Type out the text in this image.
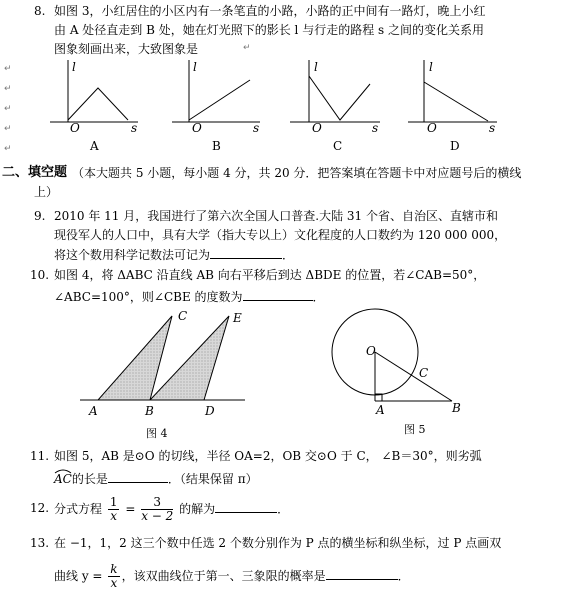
8. 如图 3，小红居住的小区内有一条笔直的小路，小路的正中间有一路灯，晚上小红
由 A 处径直走到 B 处，她在灯光照下的影长 l 与行走的路程 s 之间的变化关系用
图象刻画出来，大致图象是
↵
↵
↵
↵
↵
↵
l
O	s
A
l
O	s
B
l
O	s
C
l
O	s
D
二、填空题 （本大题共 5 小题，每小题 4 分，共 20 分．把答案填在答题卡中对应题号后的横线
上）
9. 2010 年 11 月，我国进行了第六次全国人口普查.大陆 31 个省、自治区、直辖市和
现役军人的人口中，具有大学（指大专以上）文化程度的人口数约为 120 000 000，
将这个数用科学记数法可记为	．
10. 如图 4，将 ΔABC 沿直线 AB 向右平移后到达 ΔBDE 的位置，若∠CAB=50°，
∠ABC=100°，则∠CBE 的度数为	．
A	B	D
C	E
图 4
O
C
A	B
图 5
11. 如图 5，AB 是⊙O 的切线，半径 OA=2，OB 交⊙O 于 C， ∠B＝30°，则劣弧
AC的长是	．（结果保留 π）
12. 分式方程 $\frac{1}{x} = \frac{3}{x - 2}$ 的解为	．
13. 在 −1，1，2 这三个数中任选 2 个数分别作为 P 点的横坐标和纵坐标，过 P 点画双
曲线 $y = \frac{k}{x}$ ，该双曲线位于第一、三象限的概率是	．
